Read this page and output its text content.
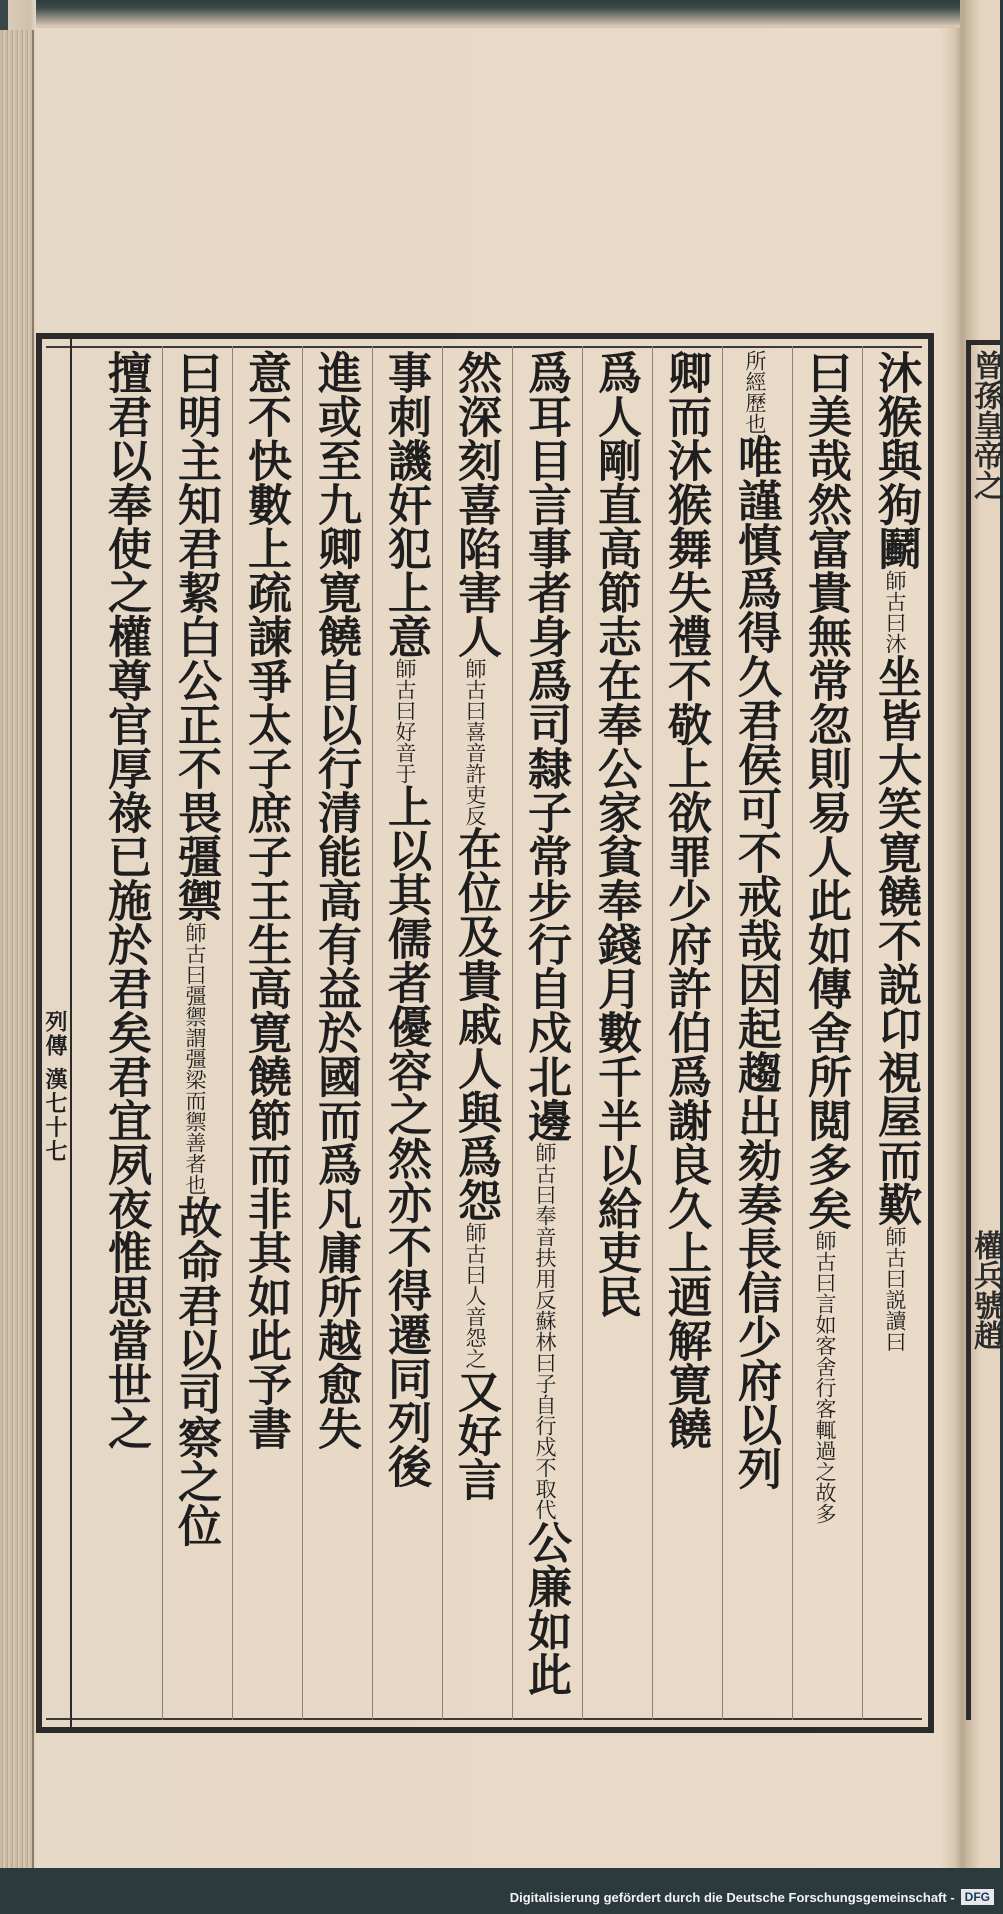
列傳 漢七十七
沐猴與狗鬬師古曰沐坐皆大笑寛饒不説卬視屋而歎師古曰説讀曰
曰美哉然富貴無常忽則易人此如傳舍所閲多矣師古曰言如客舍行客輒過之故多
所經歷也唯謹慎爲得久君侯可不戒哉因起趨出劾奏長信少府以列
卿而沐猴舞失禮不敬上欲罪少府許伯爲謝良久上迺解寛饒
爲人剛直高節志在奉公家貧奉錢月數千半以給吏民
爲耳目言事者身爲司隸子常步行自戍北邊師古曰奉音扶用反蘇林曰子自行戍不取代公廉如此
然深刻喜陷害人師古曰喜音許吏反在位及貴戚人與爲怨師古曰人音怨之又好言
事刺譏奸犯上意師古曰好音于上以其儒者優容之然亦不得遷同列後
進或至九卿寛饒自以行清能高有益於國而爲凡庸所越愈失
意不快數上疏諫爭太子庶子王生高寛饒節而非其如此予書
曰明主知君絜白公正不畏彊禦師古曰彊禦謂彊梁而禦善者也故命君以司察之位
擅君以奉使之權尊官厚祿已施於君矣君宜夙夜惟思當世之	曾孫皇帝之
權兵號趙
Digitalisierung gefördert durch die Deutsche Forschungsgemeinschaft - DFG
